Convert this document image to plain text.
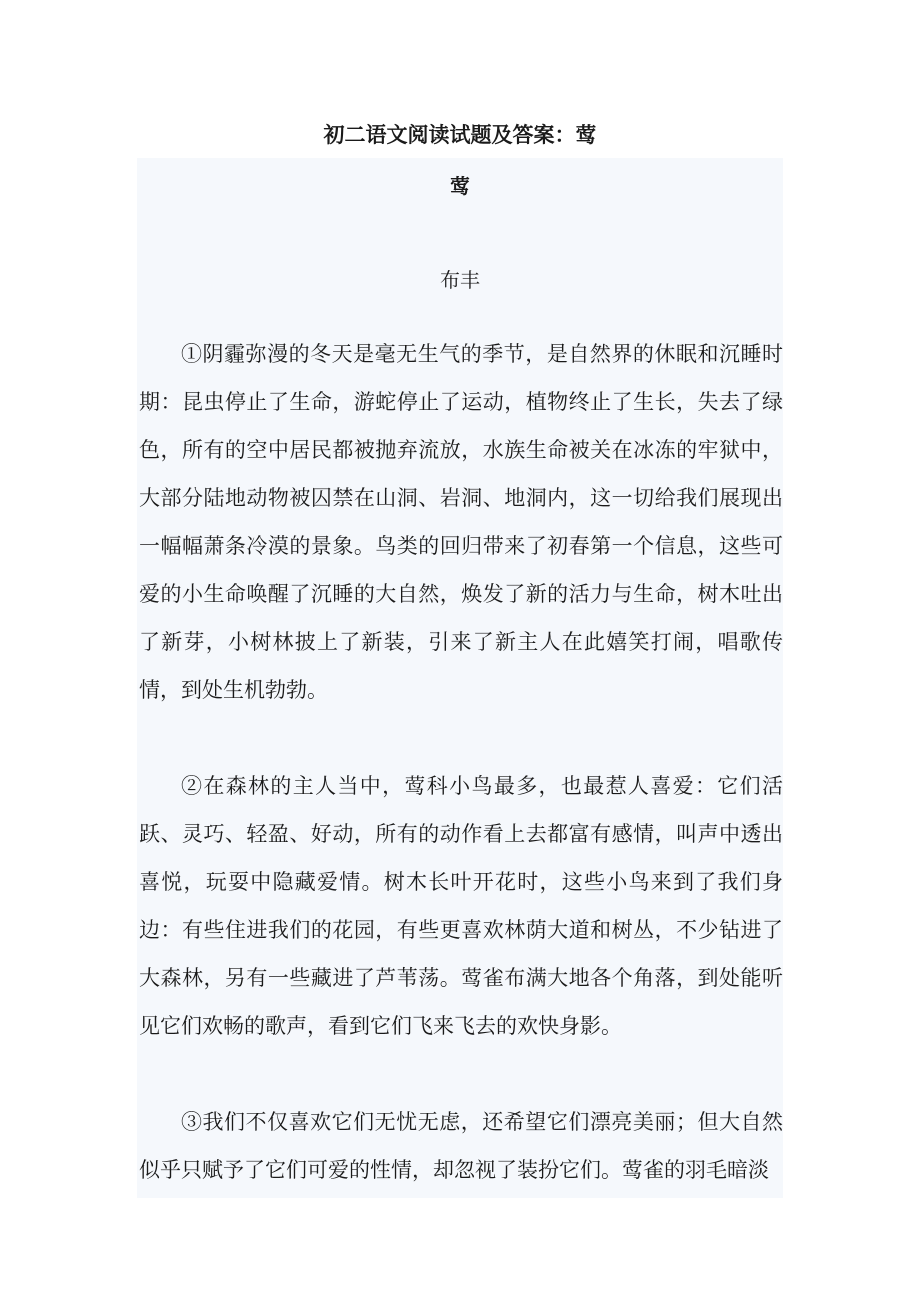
初二语文阅读试题及答案：莺
莺
布丰

①阴霾弥漫的冬天是毫无生气的季节，是自然界的休眠和沉睡时期：昆虫停止了生命，游蛇停止了运动，植物终止了生长，失去了绿色，所有的空中居民都被抛弃流放，水族生命被关在冰冻的牢狱中，大部分陆地动物被囚禁在山洞、岩洞、地洞内，这一切给我们展现出一幅幅萧条冷漠的景象。鸟类的回归带来了初春第一个信息，这些可爱的小生命唤醒了沉睡的大自然，焕发了新的活力与生命，树木吐出了新芽，小树林披上了新装，引来了新主人在此嬉笑打闹，唱歌传情，到处生机勃勃。

②在森林的主人当中，莺科小鸟最多，也最惹人喜爱：它们活跃、灵巧、轻盈、好动，所有的动作看上去都富有感情，叫声中透出喜悦，玩耍中隐藏爱情。树木长叶开花时，这些小鸟来到了我们身边：有些住进我们的花园，有些更喜欢林荫大道和树丛，不少钻进了大森林，另有一些藏进了芦苇荡。莺雀布满大地各个角落，到处能听见它们欢畅的歌声，看到它们飞来飞去的欢快身影。

③我们不仅喜欢它们无忧无虑，还希望它们漂亮美丽；但大自然似乎只赋予了它们可爱的性情，却忽视了装扮它们。莺雀的羽毛暗淡
